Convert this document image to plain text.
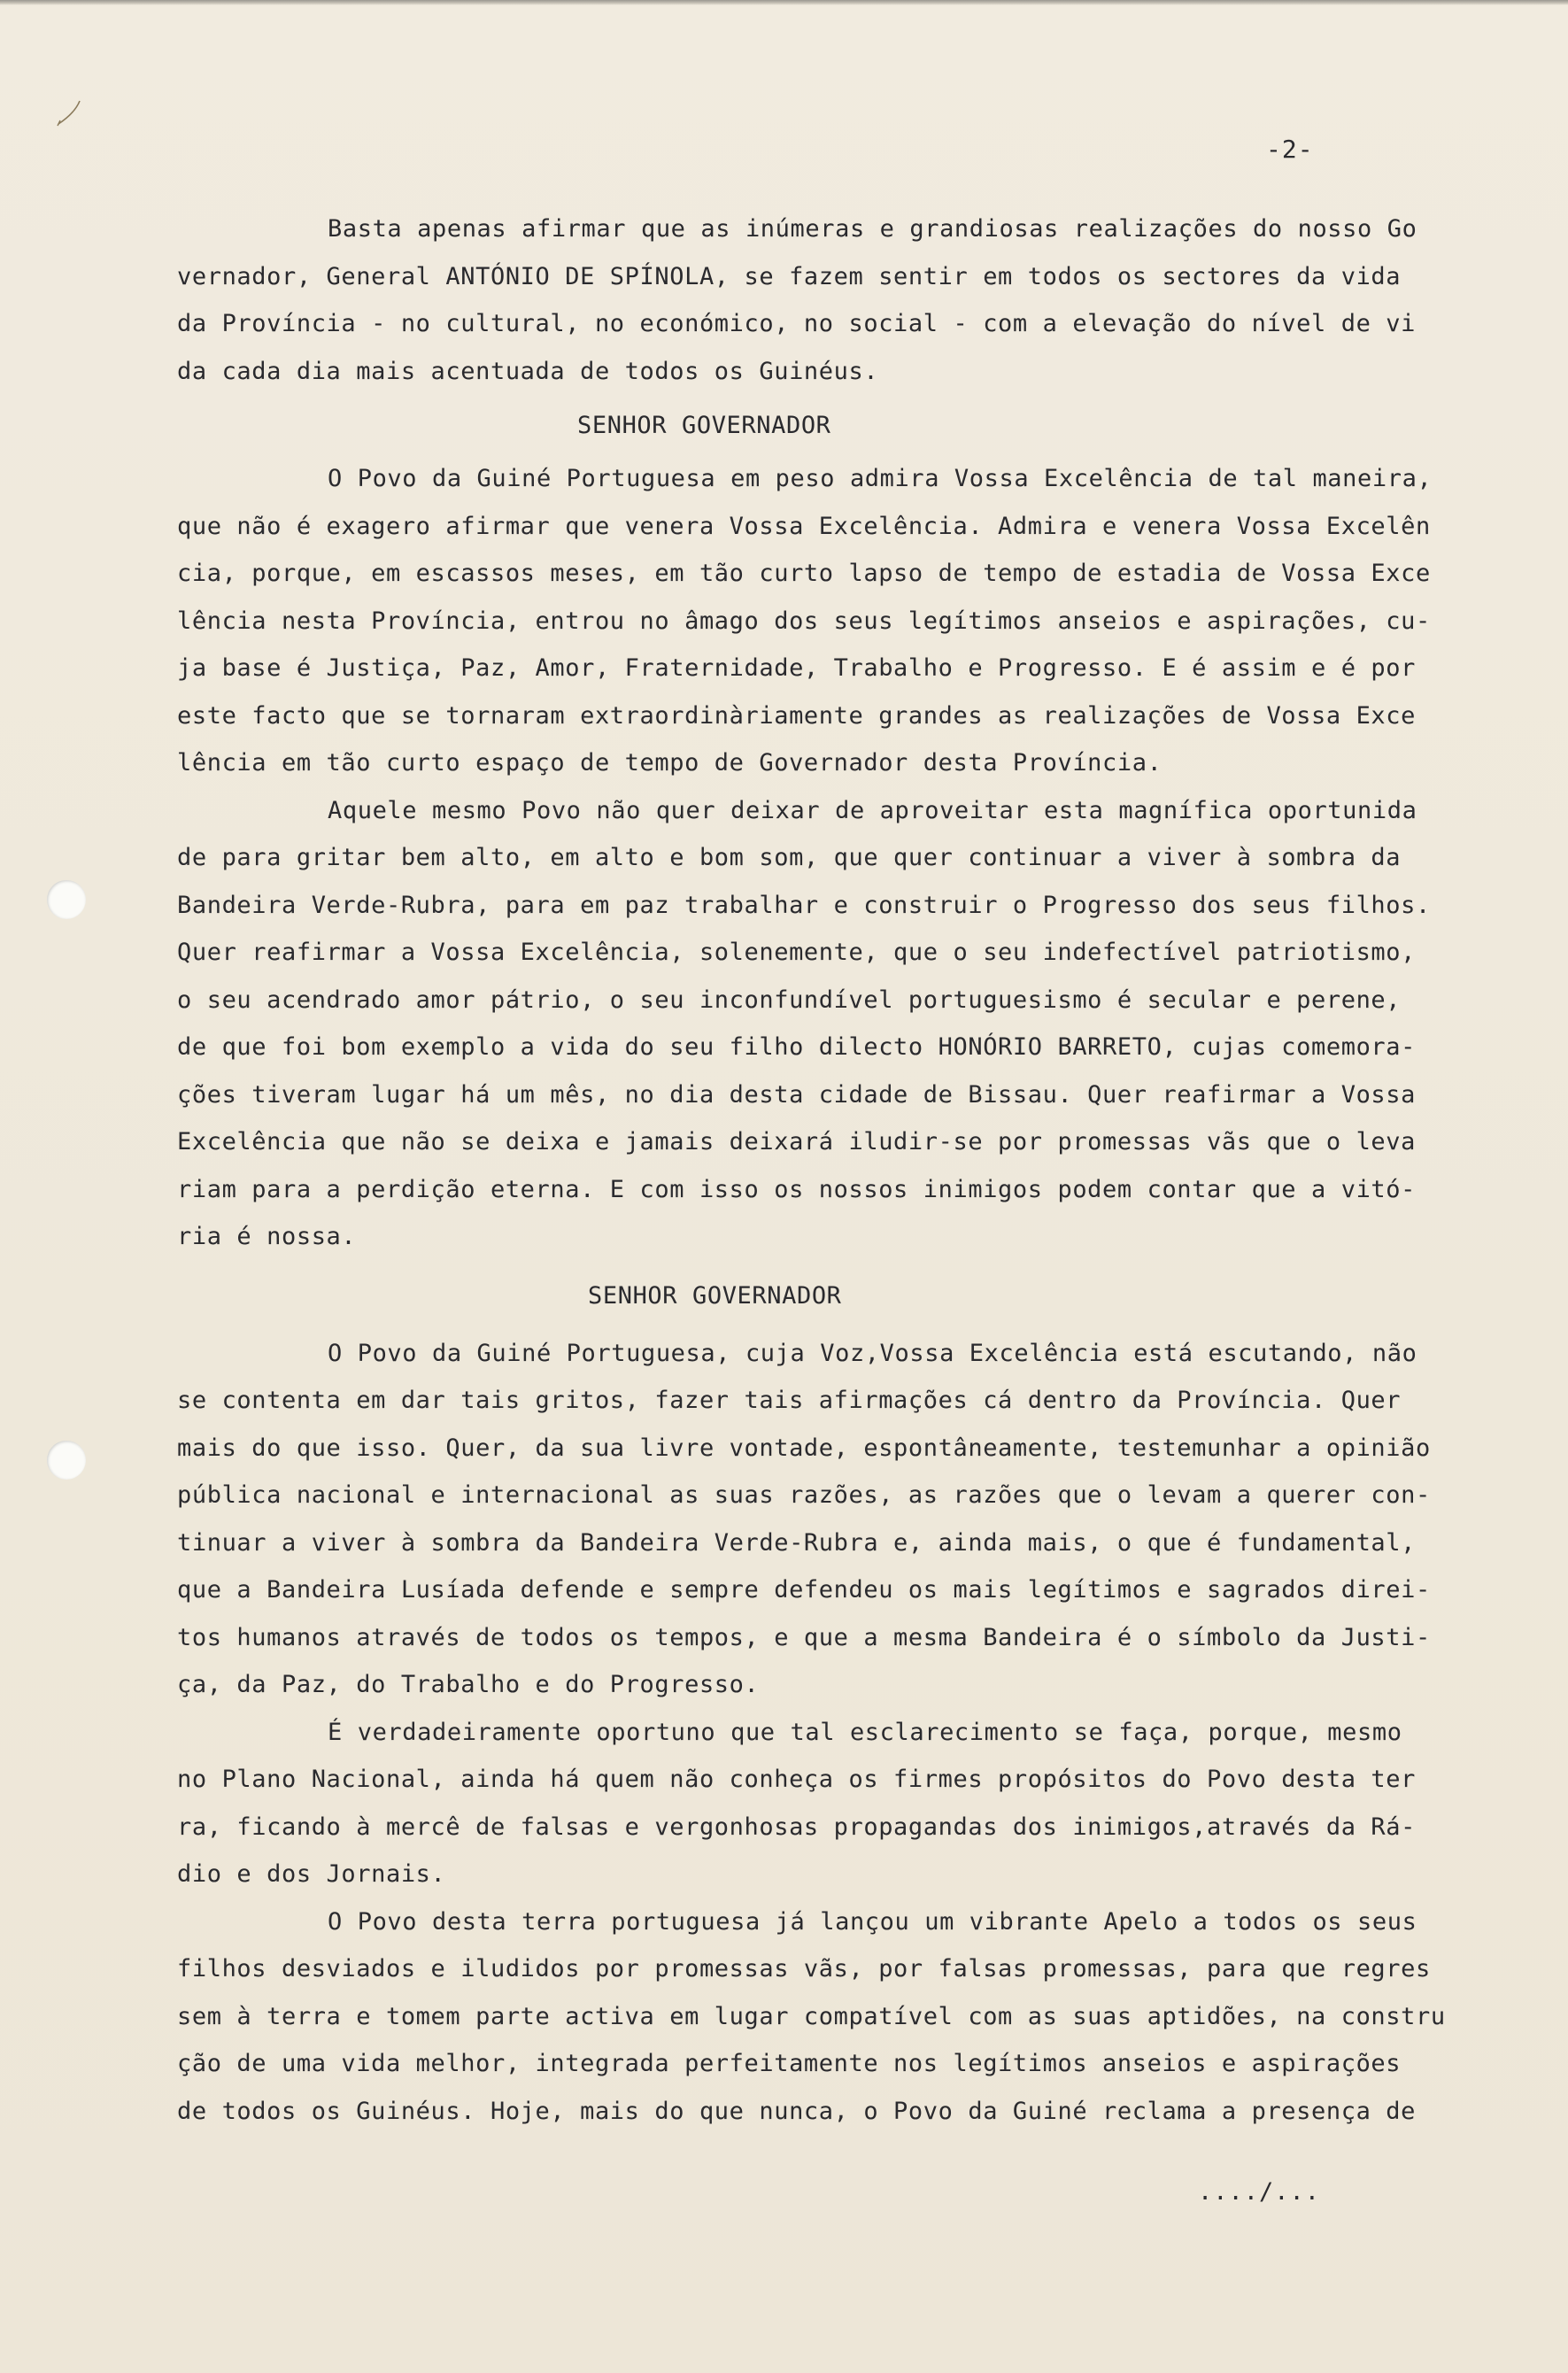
-2-
Basta apenas afirmar que as inúmeras e grandiosas realizações do nosso Go
vernador, General ANTÓNIO DE SPÍNOLA, se fazem sentir em todos os sectores da vida
da Província - no cultural, no económico, no social - com a elevação do nível de vi
da cada dia mais acentuada de todos os Guinéus.
SENHOR GOVERNADOR
O Povo da Guiné Portuguesa em peso admira Vossa Excelência de tal maneira,
que não é exagero afirmar que venera Vossa Excelência. Admira e venera Vossa Excelên
cia, porque, em escassos meses, em tão curto lapso de tempo de estadia de Vossa Exce
lência nesta Província, entrou no âmago dos seus legítimos anseios e aspirações, cu-
ja base é Justiça, Paz, Amor, Fraternidade, Trabalho e Progresso. E é assim e é por
este facto que se tornaram extraordinàriamente grandes as realizações de Vossa Exce
lência em tão curto espaço de tempo de Governador desta Província.
Aquele mesmo Povo não quer deixar de aproveitar esta magnífica oportunida
de para gritar bem alto, em alto e bom som, que quer continuar a viver à sombra da
Bandeira Verde-Rubra, para em paz trabalhar e construir o Progresso dos seus filhos.
Quer reafirmar a Vossa Excelência, solenemente, que o seu indefectível patriotismo,
o seu acendrado amor pátrio, o seu inconfundível portuguesismo é secular e perene,
de que foi bom exemplo a vida do seu filho dilecto HONÓRIO BARRETO, cujas comemora-
ções tiveram lugar há um mês, no dia desta cidade de Bissau. Quer reafirmar a Vossa
Excelência que não se deixa e jamais deixará iludir-se por promessas vãs que o leva
riam para a perdição eterna. E com isso os nossos inimigos podem contar que a vitó-
ria é nossa.
SENHOR GOVERNADOR
O Povo da Guiné Portuguesa, cuja Voz,Vossa Excelência está escutando, não
se contenta em dar tais gritos, fazer tais afirmações cá dentro da Província. Quer
mais do que isso. Quer, da sua livre vontade, espontâneamente, testemunhar a opinião
pública nacional e internacional as suas razões, as razões que o levam a querer con-
tinuar a viver à sombra da Bandeira Verde-Rubra e, ainda mais, o que é fundamental,
que a Bandeira Lusíada defende e sempre defendeu os mais legítimos e sagrados direi-
tos humanos através de todos os tempos, e que a mesma Bandeira é o símbolo da Justi-
ça, da Paz, do Trabalho e do Progresso.
É verdadeiramente oportuno que tal esclarecimento se faça, porque, mesmo
no Plano Nacional, ainda há quem não conheça os firmes propósitos do Povo desta ter
ra, ficando à mercê de falsas e vergonhosas propagandas dos inimigos,através da Rá-
dio e dos Jornais.
O Povo desta terra portuguesa já lançou um vibrante Apelo a todos os seus
filhos desviados e iludidos por promessas vãs, por falsas promessas, para que regres
sem à terra e tomem parte activa em lugar compatível com as suas aptidões, na constru
ção de uma vida melhor, integrada perfeitamente nos legítimos anseios e aspirações
de todos os Guinéus. Hoje, mais do que nunca, o Povo da Guiné reclama a presença de
..../...
